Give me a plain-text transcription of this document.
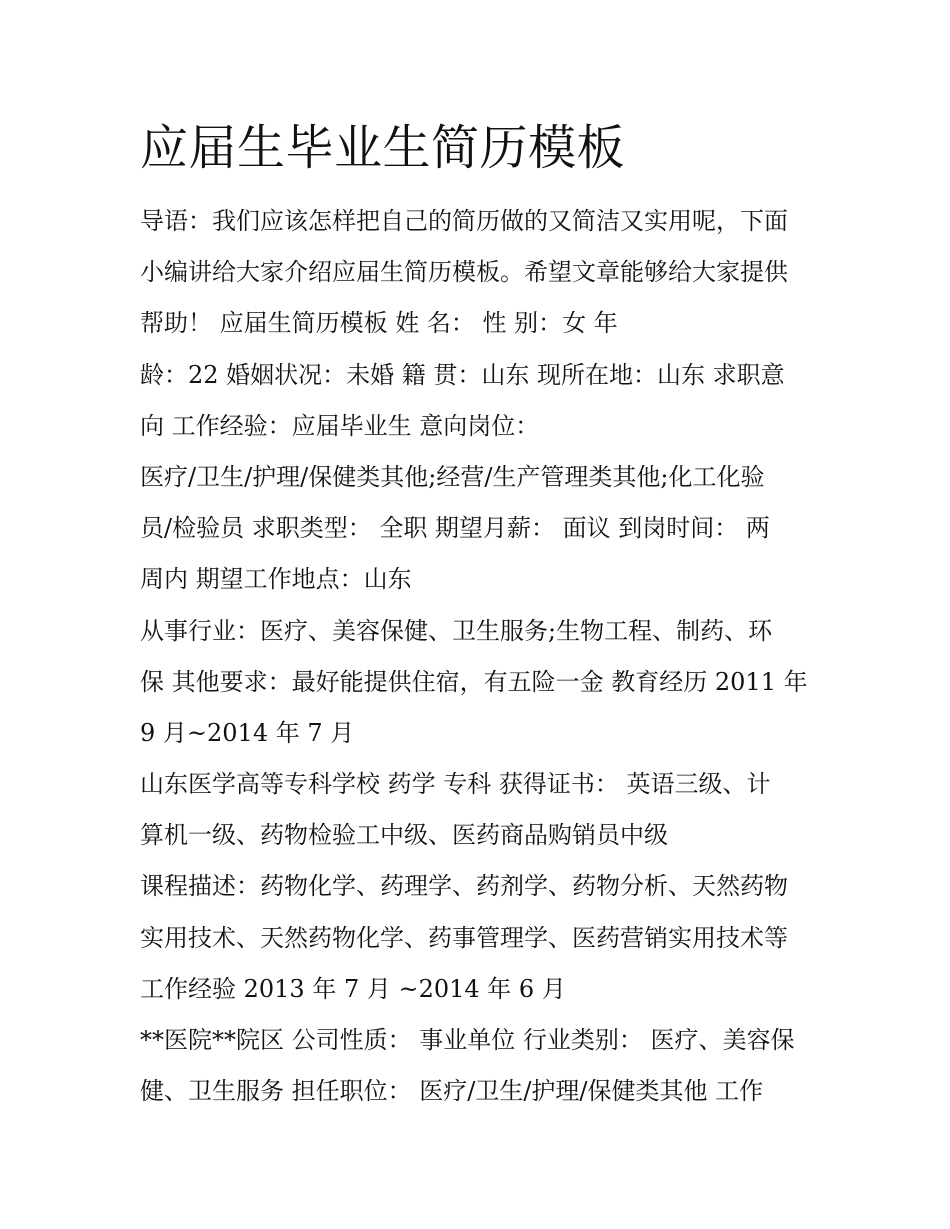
应届生毕业生简历模板
导语：我们应该怎样把自己的简历做的又简洁又实用呢，下面
小编讲给大家介绍应届生简历模板。希望文章能够给大家提供
帮助！ 应届生简历模板 姓 名： 性 别：女 年
龄：22 婚姻状况：未婚 籍 贯：山东 现所在地：山东 求职意
向 工作经验：应届毕业生 意向岗位：
医疗/卫生/护理/保健类其他;经营/生产管理类其他;化工化验
员/检验员 求职类型： 全职 期望月薪： 面议 到岗时间： 两
周内 期望工作地点：山东
从事行业：医疗、美容保健、卫生服务;生物工程、制药、环
保 其他要求：最好能提供住宿，有五险一金 教育经历 2011 年
9 月~2014 年 7 月
山东医学高等专科学校 药学 专科 获得证书： 英语三级、计
算机一级、药物检验工中级、医药商品购销员中级
课程描述：药物化学、药理学、药剂学、药物分析、天然药物
实用技术、天然药物化学、药事管理学、医药营销实用技术等
工作经验 2013 年 7 月 ~2014 年 6 月
**医院**院区 公司性质： 事业单位 行业类别： 医疗、美容保
健、卫生服务 担任职位： 医疗/卫生/护理/保健类其他 工作
